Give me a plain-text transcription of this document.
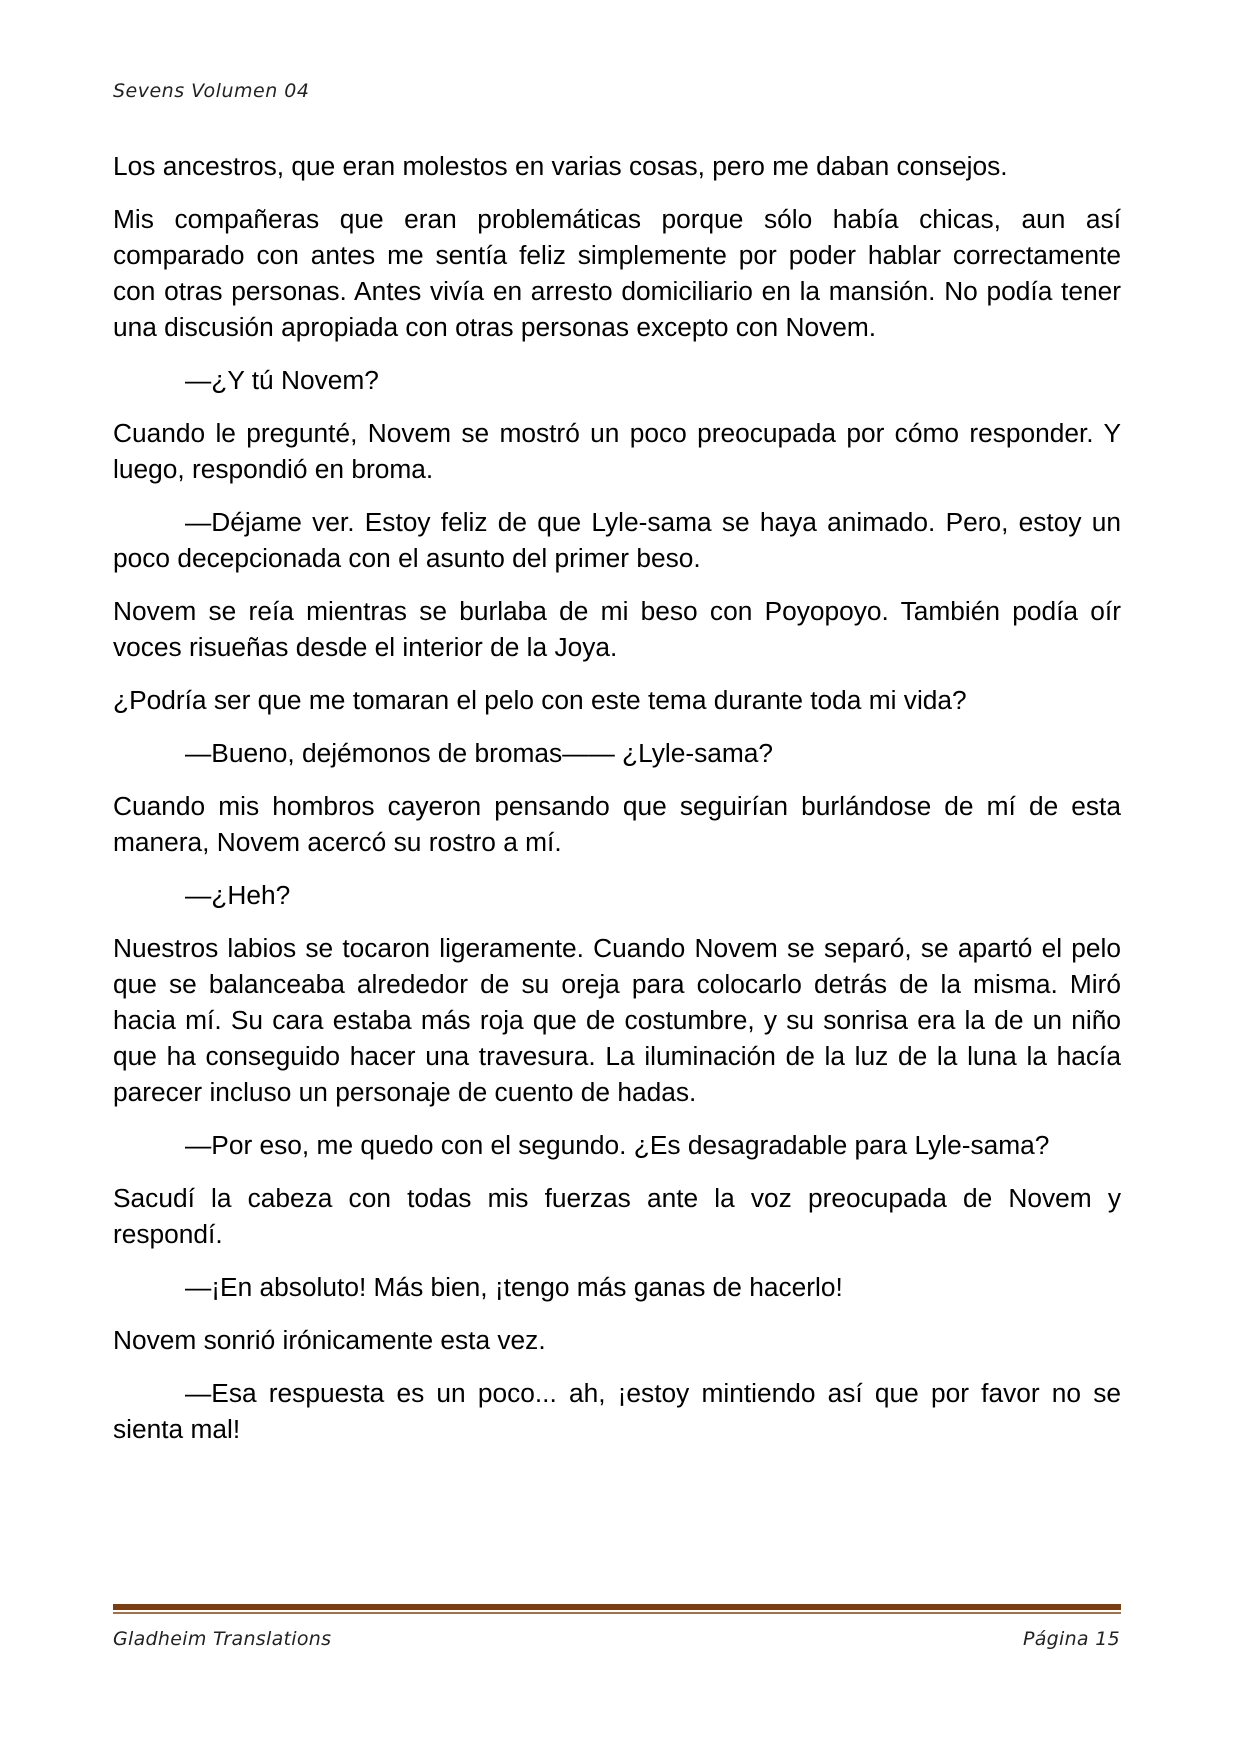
Sevens Volumen 04

Los ancestros, que eran molestos en varias cosas, pero me daban consejos.

Mis compañeras que eran problemáticas porque sólo había chicas, aun así comparado con antes me sentía feliz simplemente por poder hablar correctamente con otras personas. Antes vivía en arresto domiciliario en la mansión. No podía tener una discusión apropiada con otras personas excepto con Novem.

—¿Y tú Novem?

Cuando le pregunté, Novem se mostró un poco preocupada por cómo responder. Y luego, respondió en broma.

—Déjame ver. Estoy feliz de que Lyle-sama se haya animado. Pero, estoy un poco decepcionada con el asunto del primer beso.

Novem se reía mientras se burlaba de mi beso con Poyopoyo. También podía oír voces risueñas desde el interior de la Joya.

¿Podría ser que me tomaran el pelo con este tema durante toda mi vida?

—Bueno, dejémonos de bromas—— ¿Lyle-sama?

Cuando mis hombros cayeron pensando que seguirían burlándose de mí de esta manera, Novem acercó su rostro a mí.

—¿Heh?

Nuestros labios se tocaron ligeramente. Cuando Novem se separó, se apartó el pelo que se balanceaba alrededor de su oreja para colocarlo detrás de la misma. Miró hacia mí. Su cara estaba más roja que de costumbre, y su sonrisa era la de un niño que ha conseguido hacer una travesura. La iluminación de la luz de la luna la hacía parecer incluso un personaje de cuento de hadas.

—Por eso, me quedo con el segundo. ¿Es desagradable para Lyle-sama?

Sacudí la cabeza con todas mis fuerzas ante la voz preocupada de Novem y respondí.

—¡En absoluto! Más bien, ¡tengo más ganas de hacerlo!

Novem sonrió irónicamente esta vez.

—Esa respuesta es un poco... ah, ¡estoy mintiendo así que por favor no se sienta mal!

Gladheim Translations	Página 15
